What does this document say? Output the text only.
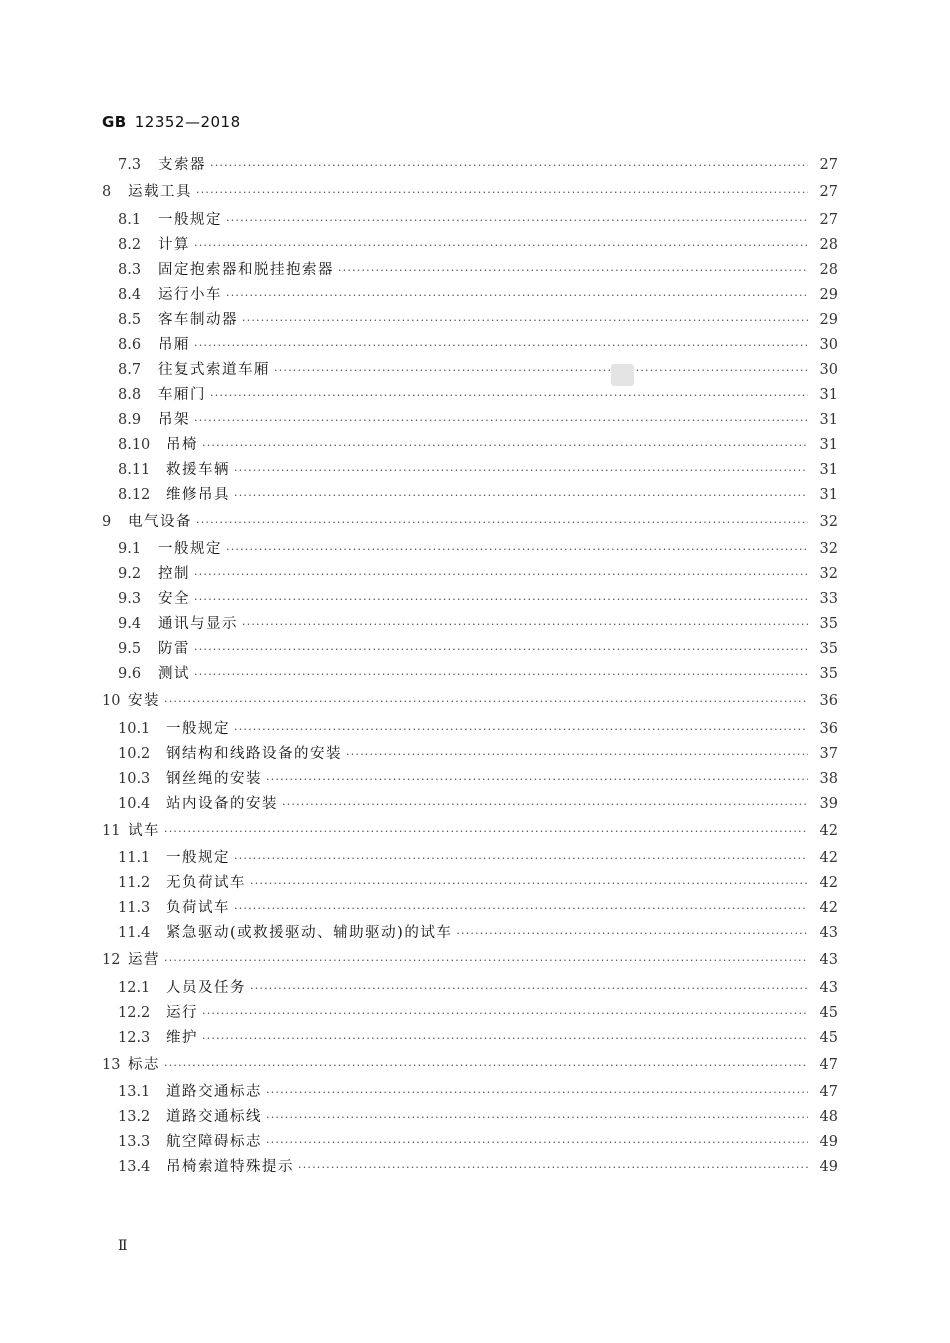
GB 12352—2018
7.3	支索器 ·····	27
8	运载工具 ·····	27
8.1	一般规定 ·····	27
8.2	计算 ·····	28
8.3	固定抱索器和脱挂抱索器 ·····	28
8.4	运行小车 ·····	29
8.5	客车制动器 ·····	29
8.6	吊厢 ·····	30
8.7	往复式索道车厢 ·····	30
8.8	车厢门 ·····	31
8.9	吊架 ·····	31
8.10	吊椅 ·····	31
8.11	救援车辆 ·····	31
8.12	维修吊具 ·····	31
9	电气设备 ·····	32
9.1	一般规定 ·····	32
9.2	控制 ·····	32
9.3	安全 ·····	33
9.4	通讯与显示 ·····	35
9.5	防雷 ·····	35
9.6	测试 ·····	35
10 安装 ·····	36
10.1	一般规定 ·····	36
10.2	钢结构和线路设备的安装 ·····	37
10.3	钢丝绳的安装 ·····	38
10.4	站内设备的安装 ·····	39
11 试车 ·····	42
11.1	一般规定 ·····	42
11.2	无负荷试车 ·····	42
11.3	负荷试车 ·····	42
11.4	紧急驱动(或救援驱动、辅助驱动)的试车 ·····	43
12 运营 ·····	43
12.1	人员及任务 ·····	43
12.2	运行 ·····	45
12.3	维护 ·····	45
13 标志 ·····	47
13.1	道路交通标志 ·····	47
13.2	道路交通标线 ·····	48
13.3	航空障碍标志 ·····	49
13.4	吊椅索道特殊提示 ·····	49
Ⅱ
